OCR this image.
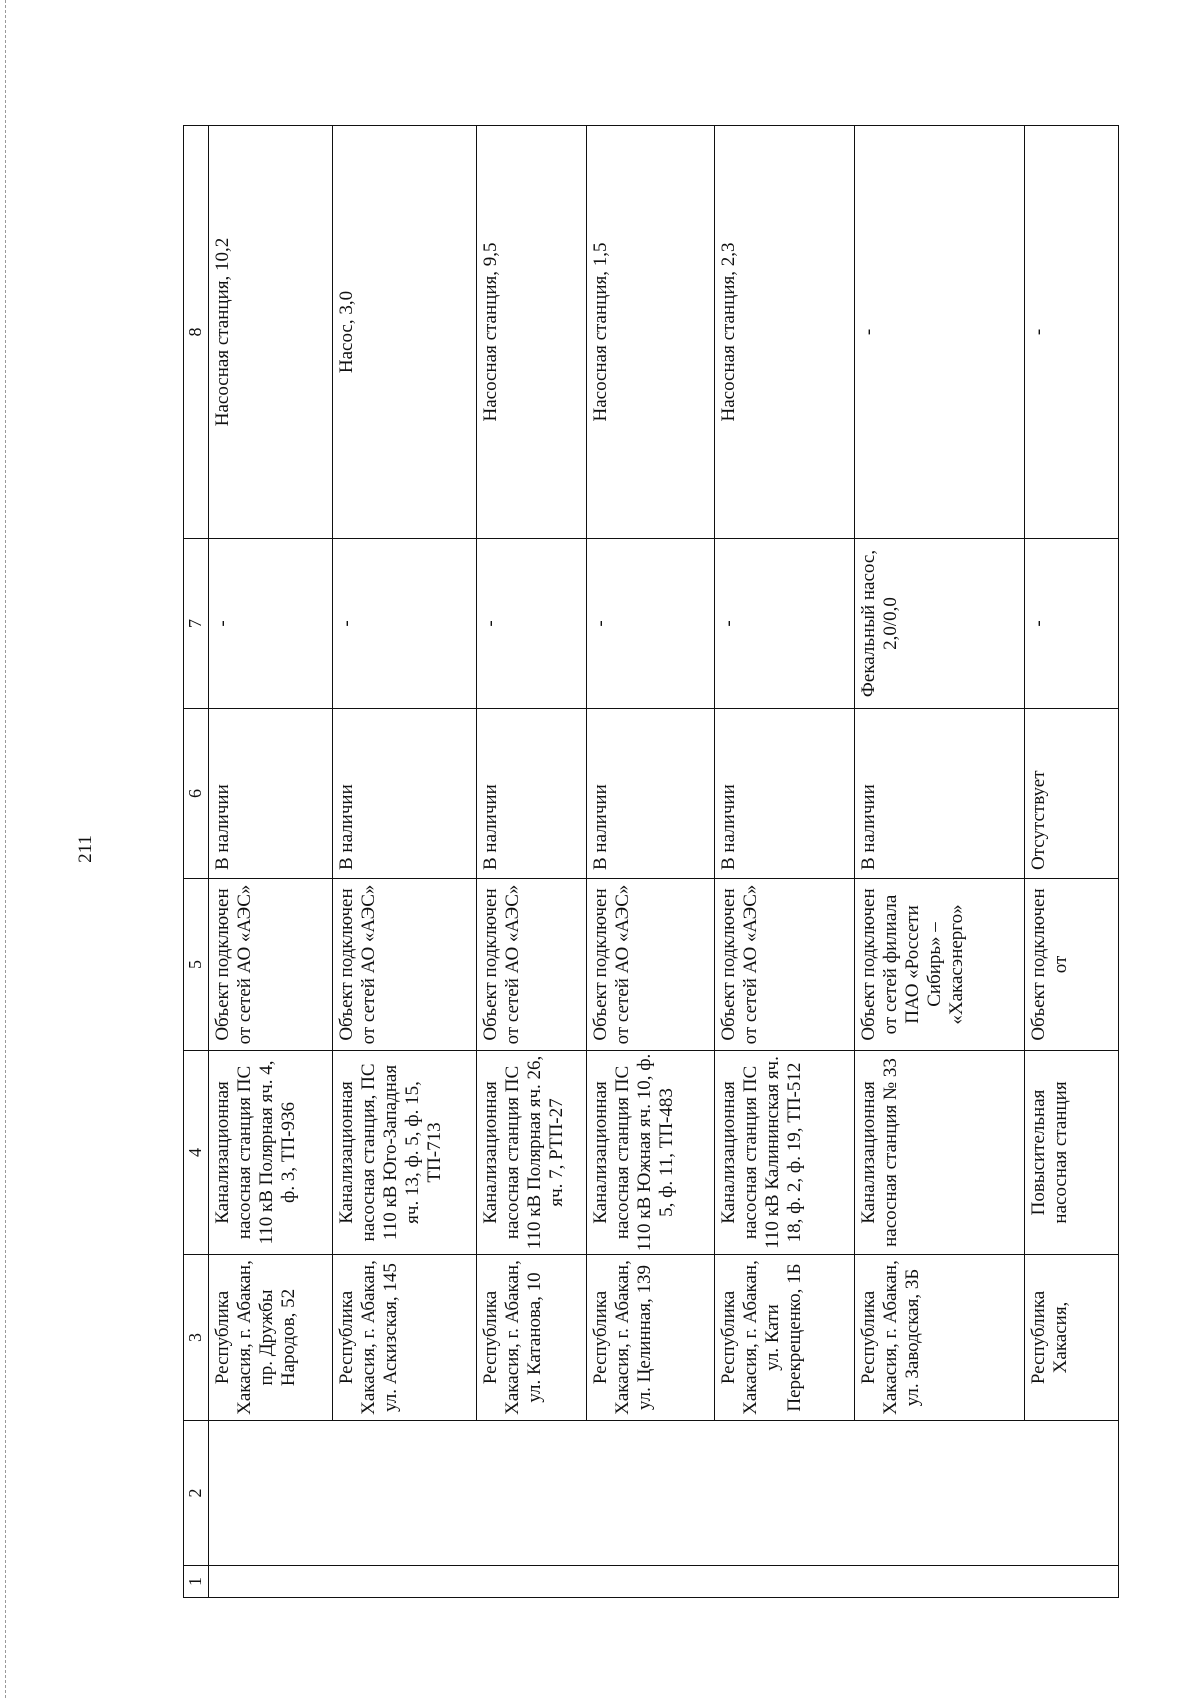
211
1	2	3	4	5	6	7	8
		Республика Хакасия, г. Абакан, пр. Дружбы Народов, 52	Канализационная насосная станция ПС 110 кВ Полярная яч. 4, ф. 3, ТП-936	Объект подключен от сетей АО «АЭС»	В наличии	-	Насосная станция, 10,2
		Республика Хакасия, г. Абакан, ул. Аскизская, 145	Канализационная насосная станция, ПС 110 кВ Юго-Западная яч. 13, ф. 5, ф. 15, ТП-713	Объект подключен от сетей АО «АЭС»	В наличии	-	Насос, 3,0
		Республика Хакасия, г. Абакан, ул. Катанова, 10	Канализационная насосная станция ПС 110 кВ Полярная яч. 26, яч. 7, РТП-27	Объект подключен от сетей АО «АЭС»	В наличии	-	Насосная станция, 9,5
		Республика Хакасия, г. Абакан, ул. Целинная, 139	Канализационная насосная станция ПС 110 кВ Южная яч. 10, ф. 5, ф. 11, ТП-483	Объект подключен от сетей АО «АЭС»	В наличии	-	Насосная станция, 1,5
		Республика Хакасия, г. Абакан, ул. Кати Перекрещенко, 1Б	Канализационная насосная станция ПС 110 кВ Калининская яч. 18, ф. 2, ф. 19, ТП-512	Объект подключен от сетей АО «АЭС»	В наличии	-	Насосная станция, 2,3
		Республика Хакасия, г. Абакан, ул. Заводская, 3Б	Канализационная насосная станция № 33	Объект подключен от сетей филиала ПАО «Россети Сибирь» – «Хакасэнерго»	В наличии	Фекальный насос, 2,0/0,0	-
		Республика Хакасия,	Повысительная насосная станция	Объект подключен от	Отсутствует	-	-
